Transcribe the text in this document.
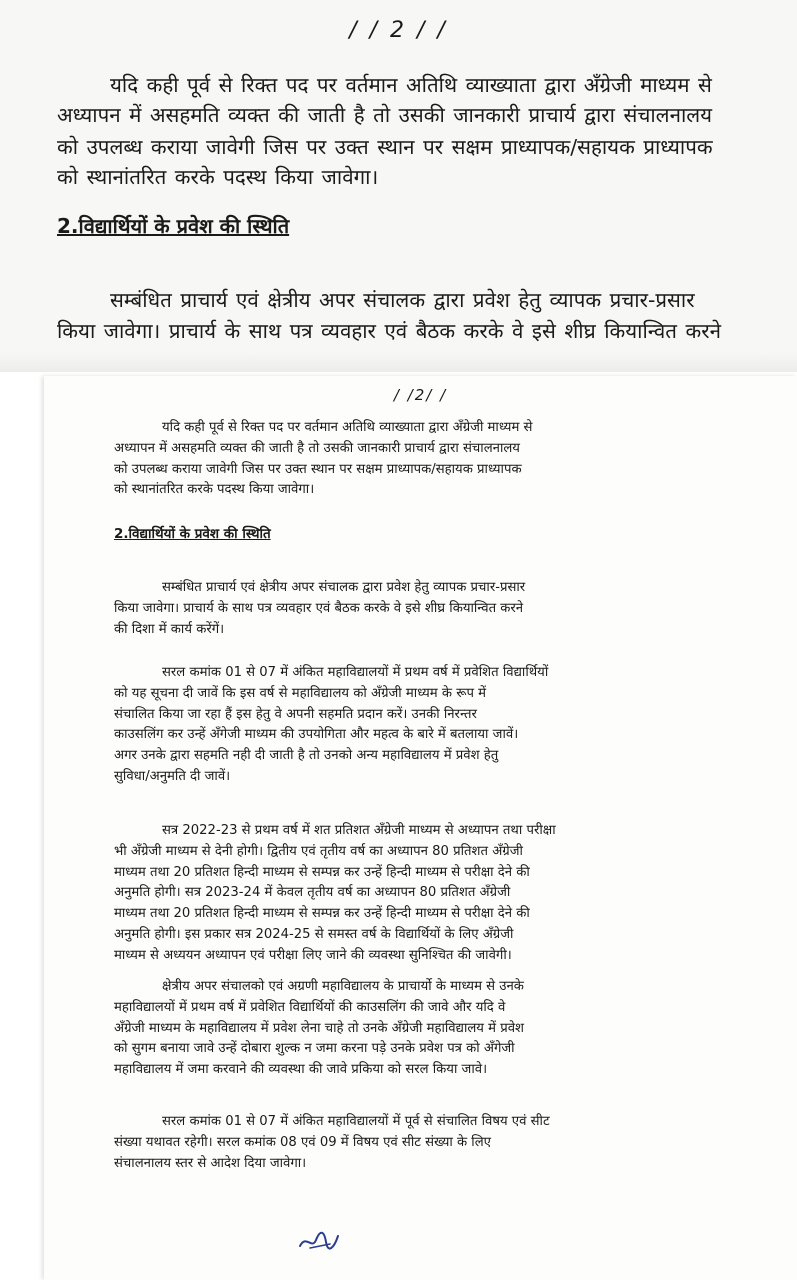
/ / 2 / /
यदि कही पूर्व से रिक्त पद पर वर्तमान अतिथि व्याख्याता द्वारा अँग्रेजी माध्यम से
अध्यापन में असहमति व्यक्त की जाती है तो उसकी जानकारी प्राचार्य द्वारा संचालनालय
को उपलब्ध कराया जावेगी जिस पर उक्त स्थान पर सक्षम प्राध्यापक/सहायक प्राध्यापक
को स्थानांतरित करके पदस्थ किया जावेगा।
2.विद्यार्थियों के प्रवेश की स्थिति
सम्बंधित प्राचार्य एवं क्षेत्रीय अपर संचालक द्वारा प्रवेश हेतु व्यापक प्रचार-प्रसार
किया जावेगा। प्राचार्य के साथ पत्र व्यवहार एवं बैठक करके वे इसे शीघ्र कियान्वित करने
/ /2/ /
यदि कही पूर्व से रिक्त पद पर वर्तमान अतिथि व्याख्याता द्वारा अँग्रेजी माध्यम से
अध्यापन में असहमति व्यक्त की जाती है तो उसकी जानकारी प्राचार्य द्वारा संचालनालय
को उपलब्ध कराया जावेगी जिस पर उक्त स्थान पर सक्षम प्राध्यापक/सहायक प्राध्यापक
को स्थानांतरित करके पदस्थ किया जावेगा।
2.विद्यार्थियों के प्रवेश की स्थिति
सम्बंधित प्राचार्य एवं क्षेत्रीय अपर संचालक द्वारा प्रवेश हेतु व्यापक प्रचार-प्रसार
किया जावेगा। प्राचार्य के साथ पत्र व्यवहार एवं बैठक करके वे इसे शीघ्र कियान्वित करने
की दिशा में कार्य करेंगें।
सरल कमांक 01 से 07 में अंकित महाविद्यालयों में प्रथम वर्ष में प्रवेशित विद्यार्थियों
को यह सूचना दी जावें कि इस वर्ष से महाविद्यालय को अँग्रेजी माध्यम के रूप में
संचालित किया जा रहा हैं इस हेतु वे अपनी सहमति प्रदान करें। उनकी निरन्तर
काउसलिंग कर उन्हें अँगेजी माध्यम की उपयोगिता और महत्व के बारे में बतलाया जावें।
अगर उनके द्वारा सहमति नही दी जाती है तो उनको अन्य महाविद्यालय में प्रवेश हेतु
सुविधा/अनुमति दी जावें।
सत्र 2022-23 से प्रथम वर्ष में शत प्रतिशत अँग्रेजी माध्यम से अध्यापन तथा परीक्षा
भी अँग्रेजी माध्यम से देनी होगी। द्वितीय एवं तृतीय वर्ष का अध्यापन 80 प्रतिशत अँग्रेजी
माध्यम तथा 20 प्रतिशत हिन्दी माध्यम से सम्पन्न कर उन्हें हिन्दी माध्यम से परीक्षा देने की
अनुमति होगी। सत्र 2023-24 में केवल तृतीय वर्ष का अध्यापन 80 प्रतिशत अँग्रेजी
माध्यम तथा 20 प्रतिशत हिन्दी माध्यम से सम्पन्न कर उन्हें हिन्दी माध्यम से परीक्षा देने की
अनुमति होगी। इस प्रकार सत्र 2024-25 से समस्त वर्ष के विद्यार्थियों के लिए अँग्रेजी
माध्यम से अध्ययन अध्यापन एवं परीक्षा लिए जाने की व्यवस्था सुनिश्चित की जावेगी।
क्षेत्रीय अपर संचालको एवं अग्रणी महाविद्यालय के प्राचार्यो के माध्यम से उनके
महाविद्यालयों में प्रथम वर्ष में प्रवेशित विद्यार्थियों की काउसलिंग की जावे और यदि वे
अँग्रेजी माध्यम के महाविद्यालय में प्रवेश लेना चाहे तो उनके अँग्रेजी महाविद्यालय में प्रवेश
को सुगम बनाया जावे उन्हें दोबारा शुल्क न जमा करना पड़े उनके प्रवेश पत्र को अँगेजी
महाविद्यालय में जमा करवाने की व्यवस्था की जावे प्रकिया को सरल किया जावे।
सरल कमांक 01 से 07 में अंकित महाविद्यालयों में पूर्व से संचालित विषय एवं सीट
संख्या यथावत रहेगी। सरल कमांक 08 एवं 09 में विषय एवं सीट संख्या के लिए
संचालनालय स्तर से आदेश दिया जावेगा।
